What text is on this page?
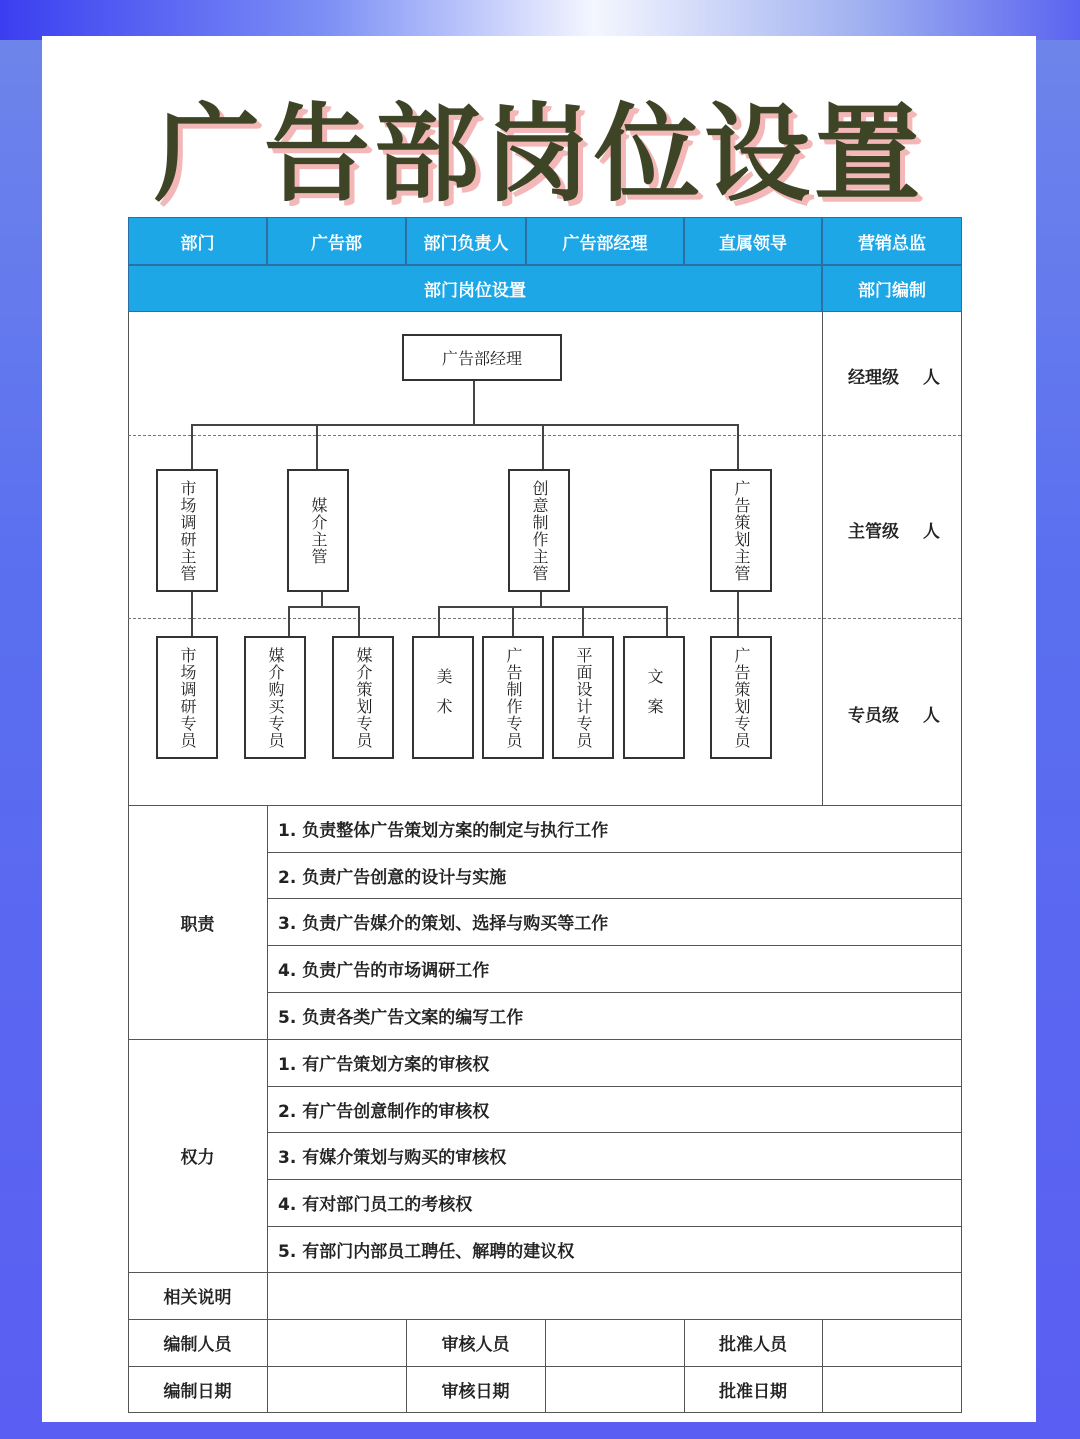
广告部岗位设置
部门	广告部	部门负责人	广告部经理	直属领导	营销总监
部门岗位设置	部门编制
广告部经理
市场调研主管	媒介主管	创意制作主管	广告策划主管
市场调研专员	媒介购买专员	媒介策划专员	美术	广告制作专员	平面设计专员	文案	广告策划专员
经理级 人
主管级 人
专员级 人
职责
1. 负责整体广告策划方案的制定与执行工作
2. 负责广告创意的设计与实施
3. 负责广告媒介的策划、选择与购买等工作
4. 负责广告的市场调研工作
5. 负责各类广告文案的编写工作
权力
1. 有广告策划方案的审核权
2. 有广告创意制作的审核权
3. 有媒介策划与购买的审核权
4. 有对部门员工的考核权
5. 有部门内部员工聘任、解聘的建议权
相关说明
编制人员	审核人员	批准人员
编制日期	审核日期	批准日期
